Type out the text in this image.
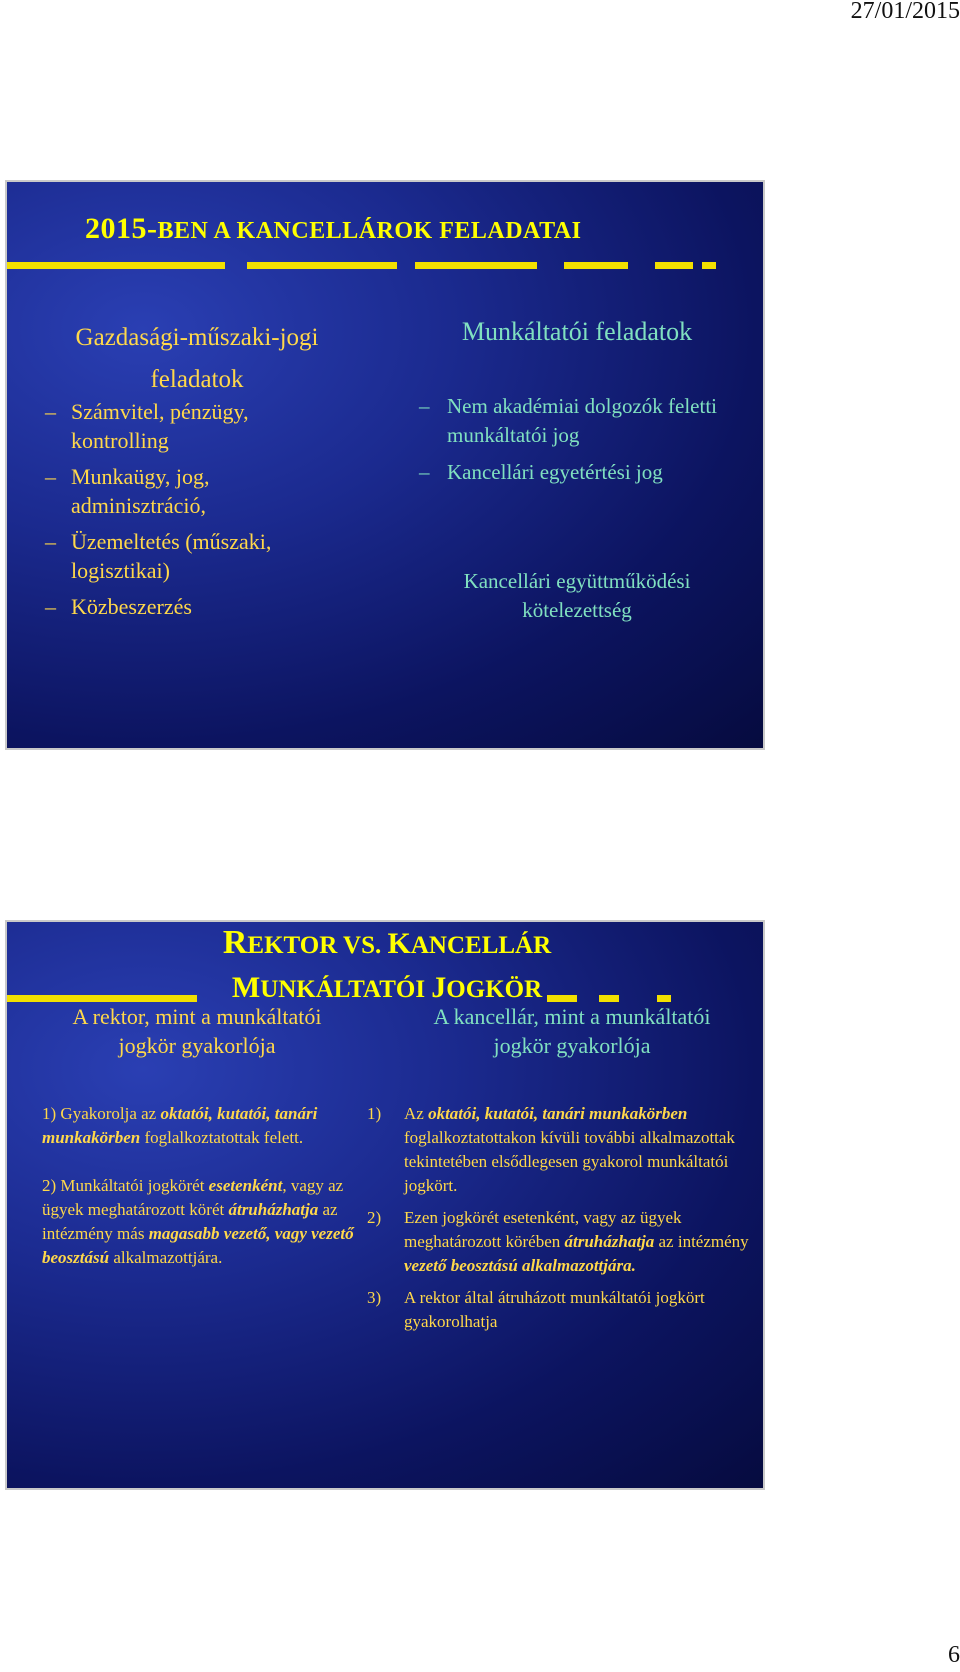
27/01/2015
2015-BEN A KANCELLÁROK FELADATAI
Gazdasági-műszaki-jogi
feladatok
– Számvitel, pénzügy, kontrolling
– Munkaügy, jog, adminisztráció,
– Üzemeltetés (műszaki, logisztikai)
– Közbeszerzés
Munkáltatói feladatok
– Nem akadémiai dolgozók feletti munkáltatói jog
– Kancellári egyetértési jog
Kancellári együttműködési
kötelezettség
REKTOR VS. KANCELLÁR
MUNKÁLTATÓI JOGKÖR
A rektor, mint a munkáltatói
jogkör gyakorlója
A kancellár, mint a munkáltatói
jogkör gyakorlója

1) Gyakorolja az oktatói, kutatói, tanári munkakörben foglalkoztatottak felett.

2) Munkáltatói jogkörét esetenként, vagy az ügyek meghatározott körét átruházhatja az intézmény más magasabb vezető, vagy vezető beosztású alkalmazottjára.

1) Az oktatói, kutatói, tanári munkakörben foglalkoztatottakon kívüli további alkalmazottak tekintetében elsődlegesen gyakorol munkáltatói jogkört.
2) Ezen jogkörét esetenként, vagy az ügyek meghatározott körében átruházhatja az intézmény vezető beosztású alkalmazottjára.
3) A rektor által átruházott munkáltatói jogkört gyakorolhatja
6
